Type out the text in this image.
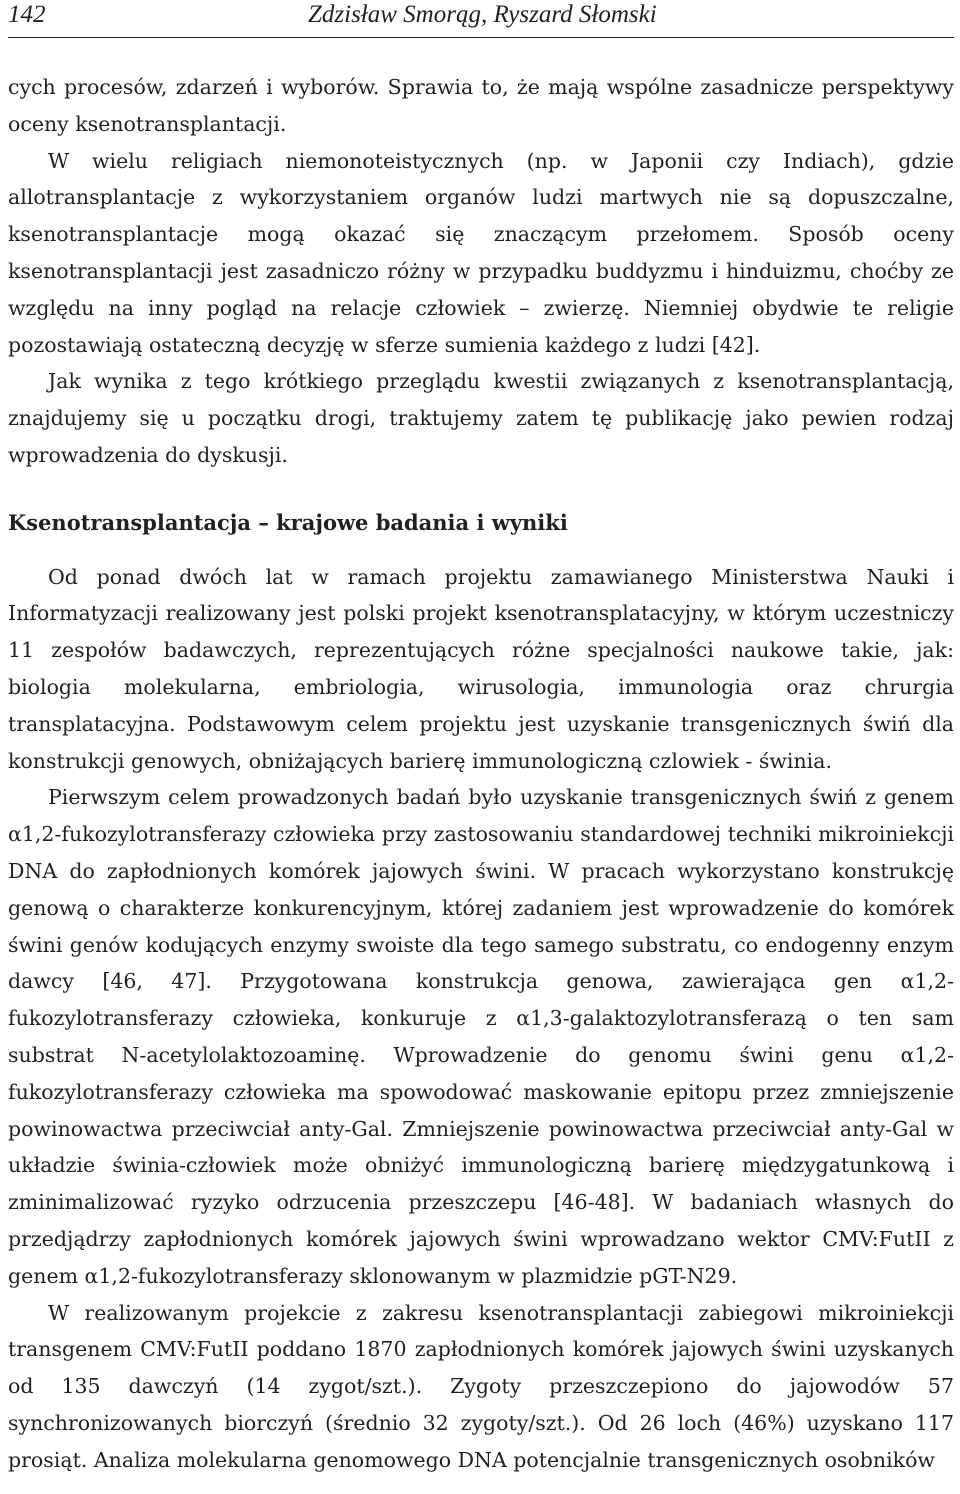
142	Zdzisław Smorąg, Ryszard Słomski

cych procesów, zdarzeń i wyborów. Sprawia to, że mają wspólne zasadnicze perspektywy oceny ksenotransplantacji.

W wielu religiach niemonoteistycznych (np. w Japonii czy Indiach), gdzie allotransplantacje z wykorzystaniem organów ludzi martwych nie są dopuszczalne, ksenotransplantacje mogą okazać się znaczącym przełomem. Sposób oceny ksenotransplantacji jest zasadniczo różny w przypadku buddyzmu i hinduizmu, choćby ze względu na inny pogląd na relacje człowiek – zwierzę. Niemniej obydwie te religie pozostawiają ostateczną decyzję w sferze sumienia każdego z ludzi [42].

Jak wynika z tego krótkiego przeglądu kwestii związanych z ksenotransplantacją, znajdujemy się u początku drogi, traktujemy zatem tę publikację jako pewien rodzaj wprowadzenia do dyskusji.

Ksenotransplantacja – krajowe badania i wyniki

Od ponad dwóch lat w ramach projektu zamawianego Ministerstwa Nauki i Informatyzacji realizowany jest polski projekt ksenotransplatacyjny, w którym uczestniczy 11 zespołów badawczych, reprezentujących różne specjalności naukowe takie, jak: biologia molekularna, embriologia, wirusologia, immunologia oraz chrurgia transplatacyjna. Podstawowym celem projektu jest uzyskanie transgenicznych świń dla konstrukcji genowych, obniżających barierę immunologiczną czlowiek - świnia.

Pierwszym celem prowadzonych badań było uzyskanie transgenicznych świń z genem α1,2-fukozylotransferazy człowieka przy zastosowaniu standardowej techniki mikroiniekcji DNA do zapłodnionych komórek jajowych świni. W pracach wykorzystano konstrukcję genową o charakterze konkurencyjnym, której zadaniem jest wprowadzenie do komórek świni genów kodujących enzymy swoiste dla tego samego substratu, co endogenny enzym dawcy [46, 47]. Przygotowana konstrukcja genowa, zawierająca gen α1,2-fukozylotransferazy człowieka, konkuruje z α1,3-galaktozylotransferazą o ten sam substrat N-acetylolaktozoaminę. Wprowadzenie do genomu świni genu α1,2-fukozylotransferazy człowieka ma spowodować maskowanie epitopu przez zmniejszenie powinowactwa przeciwciał anty-Gal. Zmniejszenie powinowactwa przeciwciał anty-Gal w układzie świnia-człowiek może obniżyć immunologiczną barierę międzygatunkową i zminimalizować ryzyko odrzucenia przeszczepu [46-48]. W badaniach własnych do przedjądrzy zapłodnionych komórek jajowych świni wprowadzano wektor CMV:FutII z genem α1,2-fukozylotransferazy sklonowanym w plazmidzie pGT-N29.

W realizowanym projekcie z zakresu ksenotransplantacji zabiegowi mikroiniekcji transgenem CMV:FutII poddano 1870 zapłodnionych komórek jajowych świni uzyskanych od 135 dawczyń (14 zygot/szt.). Zygoty przeszczepiono do jajowodów 57 synchronizowanych biorczyń (średnio 32 zygoty/szt.). Od 26 loch (46%) uzyskano 117 prosiąt. Analiza molekularna genomowego DNA potencjalnie transgenicznych osobników
